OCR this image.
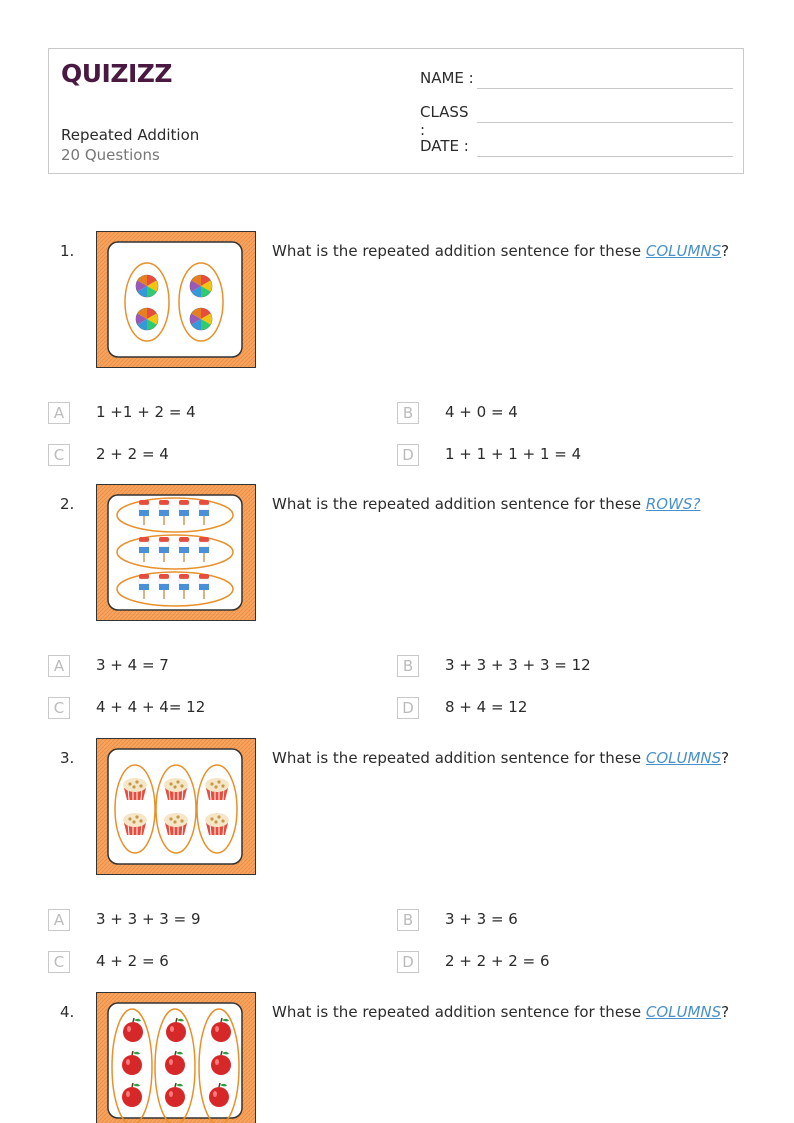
QUIZIZZ
Repeated Addition
20 Questions
NAME :
CLASS :
DATE :
1.	What is the repeated addition sentence for these COLUMNS?
A	1 +1 + 2 = 4	B	4 + 0 = 4
C	2 + 2 = 4	D	1 + 1 + 1 + 1 = 4
2.	What is the repeated addition sentence for these ROWS?
A	3 + 4 = 7	B	3 + 3 + 3 + 3 = 12
C	4 + 4 + 4= 12	D	8 + 4 = 12
3.	What is the repeated addition sentence for these COLUMNS?
A	3 + 3 + 3 = 9	B	3 + 3 = 6
C	4 + 2 = 6	D	2 + 2 + 2 = 6
4.	What is the repeated addition sentence for these COLUMNS?
